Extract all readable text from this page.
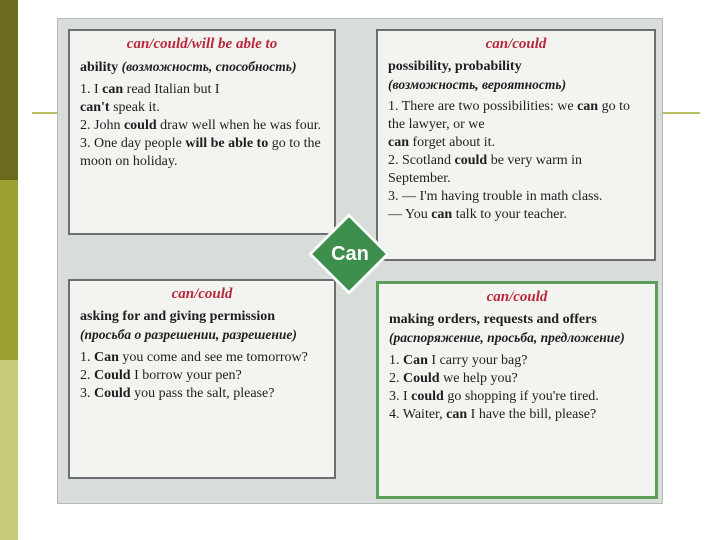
can/could/will be able to
ability (возможность, способность)

1. I can read Italian but I

can't speak it.

2. John could draw well when he was four.

3. One day people will be able to go to the moon on holiday.

can/could
possibility, probability
(возможность, вероятность)

1. There are two possibilities: we can go to the lawyer, or we

can forget about it.

2. Scotland could be very warm in September.

3. — I'm having trouble in math class.

— You can talk to your teacher.

can/could
asking for and giving permission (просьба о разрешении, разрешение)

1. Can you come and see me tomorrow?

2. Could I borrow your pen?

3. Could you pass the salt, please?

can/could
making orders, requests and offers (распоряжение, просьба, предложение)

1. Can I carry your bag?

2. Could we help you?

3. I could go shopping if you're tired.

4. Waiter, can I have the bill, please?

Can
